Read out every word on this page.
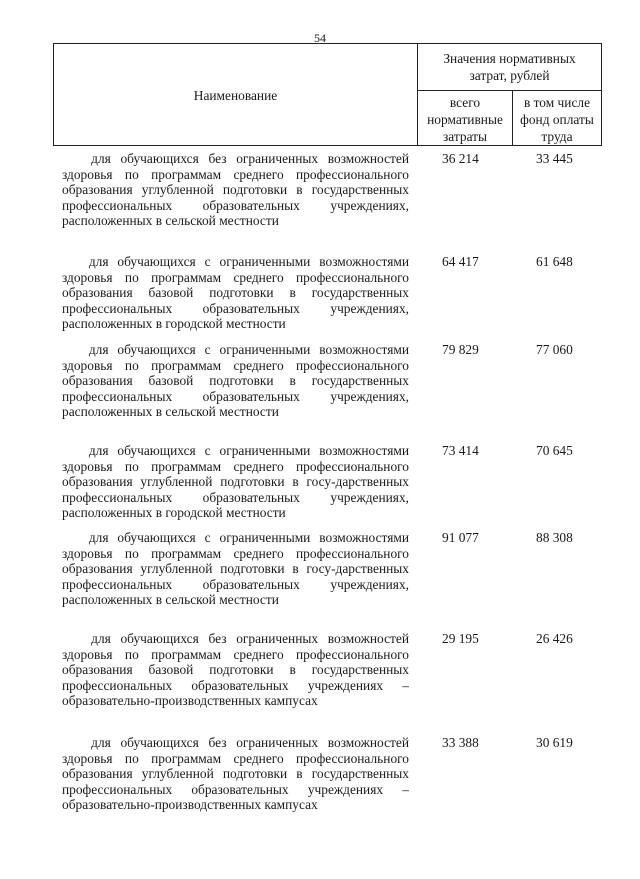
54
Наименование
Значения нормативных
затрат, рублей
всего
нормативные
затраты
в том числе
фонд оплаты
труда
для обучающихся без ограниченных возможностей здоровья по программам среднего профессионального образования углубленной подготовки в государственных профессиональных образовательных учреждениях, расположенных в сельской местности
36 214	33 445
для обучающихся с ограниченными возможностями здоровья по программам среднего профессионального образования базовой подготовки в государственных профессиональных образовательных учреждениях, расположенных в городской местности
64 417	61 648
для обучающихся с ограниченными возможностями здоровья по программам среднего профессионального образования базовой подготовки в государственных профессиональных образовательных учреждениях, расположенных в сельской местности
79 829	77 060
для обучающихся с ограниченными возможностями здоровья по программам среднего профессионального образования углубленной подготовки в госу-дарственных профессиональных образовательных учреждениях, расположенных в городской местности
73 414	70 645
для обучающихся с ограниченными возможностями здоровья по программам среднего профессионального образования углубленной подготовки в госу-дарственных профессиональных образовательных учреждениях, расположенных в сельской местности
91 077	88 308
для обучающихся без ограниченных возможностей здоровья по программам среднего профессионального образования базовой подготовки в государственных профессиональных образовательных учреждениях – образовательно-производственных кампусах
29 195	26 426
для обучающихся без ограниченных возможностей здоровья по программам среднего профессионального образования углубленной подготовки в государственных профессиональных образовательных учреждениях – образовательно-производственных кампусах
33 388	30 619
